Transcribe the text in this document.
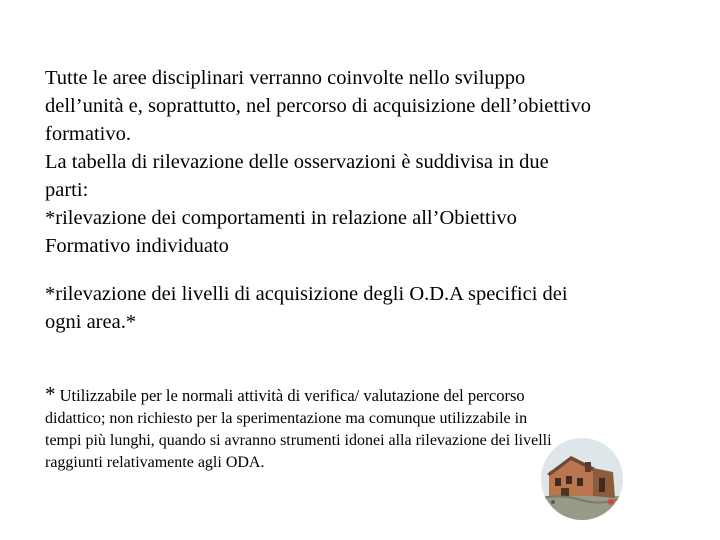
Tutte le aree disciplinari verranno coinvolte nello sviluppo
dell’unità e, soprattutto, nel percorso di acquisizione dell’obiettivo
formativo.

La tabella di rilevazione delle osservazioni è suddivisa in due
parti:

*rilevazione dei comportamenti in relazione all’Obiettivo
Formativo individuato

*rilevazione dei livelli di acquisizione degli O.D.A specifici dei
ogni area.*

* Utilizzabile per le normali attività di verifica/ valutazione del percorso
didattico; non richiesto per la sperimentazione ma comunque utilizzabile in
tempi più lunghi, quando si avranno strumenti idonei alla rilevazione dei livelli
raggiunti relativamente agli ODA.
